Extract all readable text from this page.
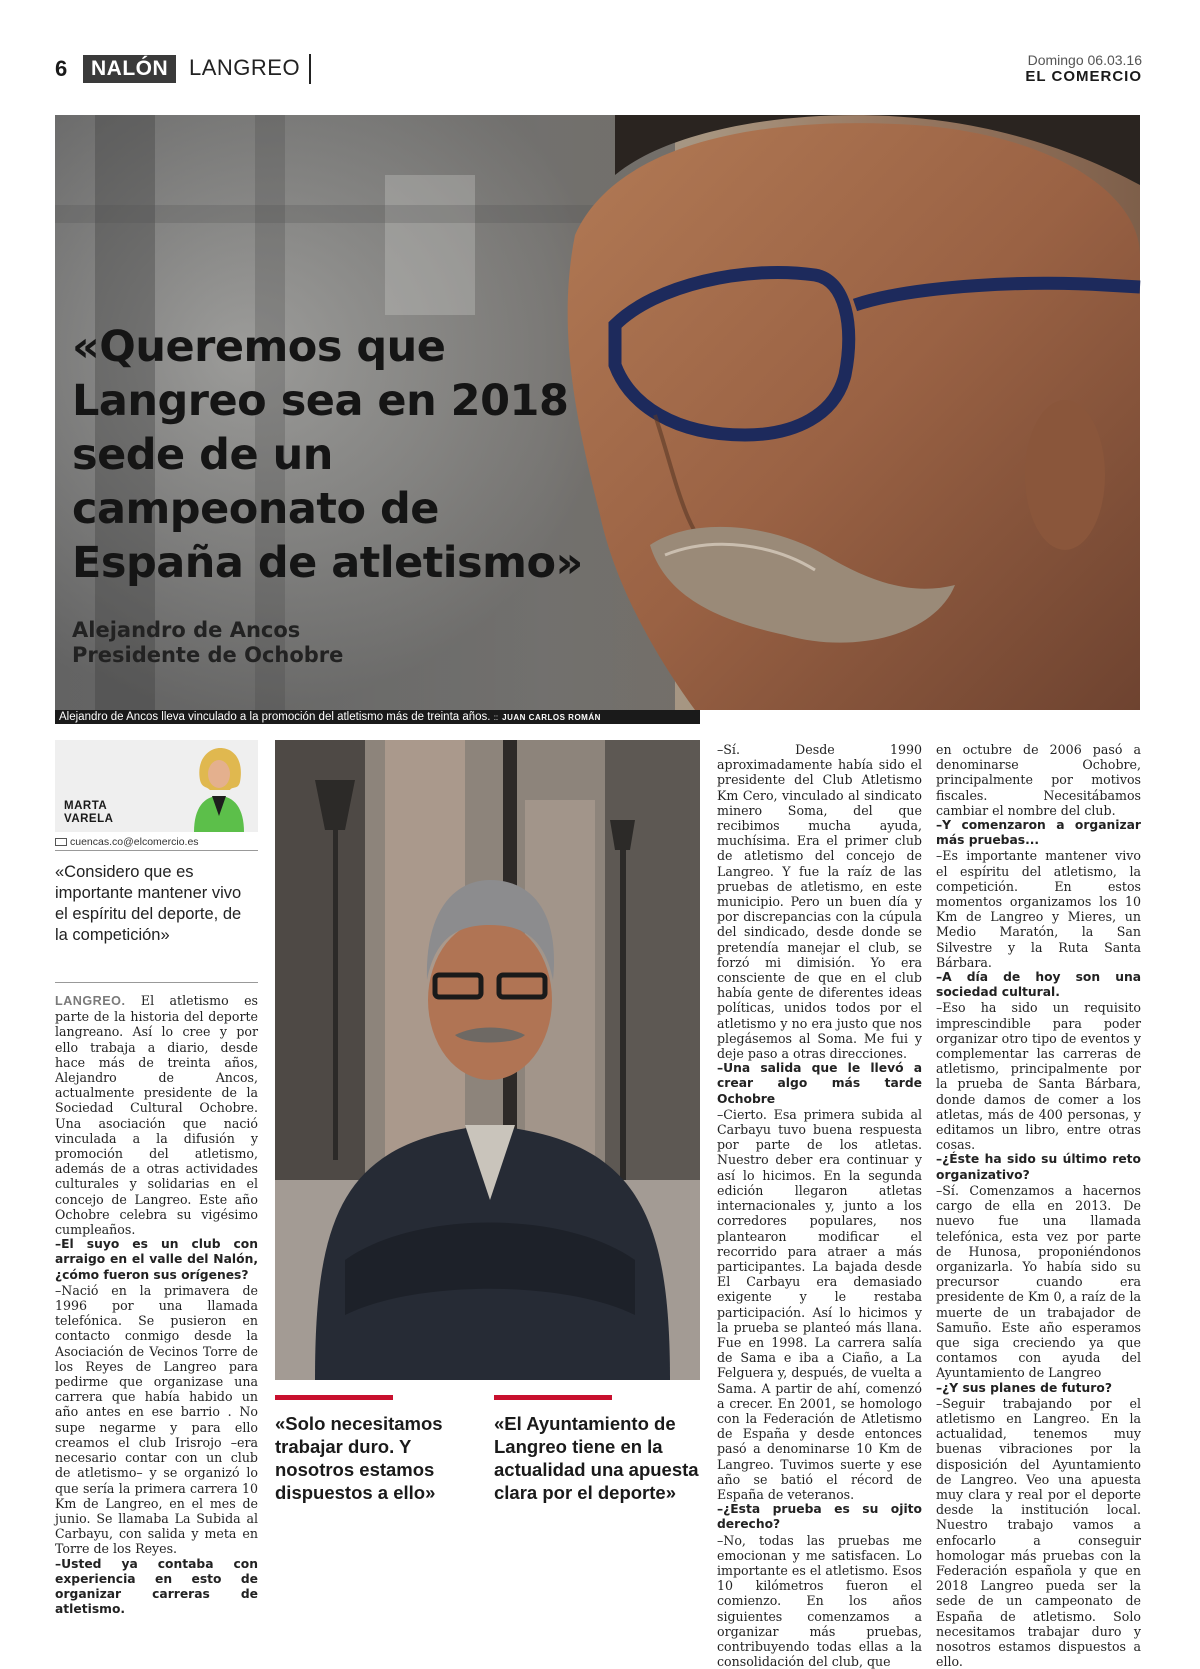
6	NALÓN LANGREO	Domingo 06.03.16
EL COMERCIO
«Queremos que Langreo sea en 2018 sede de un campeonato de España de atletismo»
Alejandro de Ancos
Presidente de Ochobre
Alejandro de Ancos lleva vinculado a la promoción del atletismo más de treinta años. :: JUAN CARLOS ROMÁN
MARTA
VARELA
cuencas.co@elcomercio.es
«Considero que es importante mantener vivo el espíritu del deporte, de la competición»

LANGREO. El atletismo es parte de la historia del deporte langreano. Así lo cree y por ello trabaja a diario, desde hace más de treinta años, Alejandro de Ancos, actualmente presidente de la Sociedad Cultural Ochobre. Una asociación que nació vinculada a la difusión y promoción del atletismo, además de a otras actividades culturales y solidarias en el concejo de Langreo. Este año Ochobre celebra su vigésimo cumpleaños.

–El suyo es un club con arraigo en el valle del Nalón, ¿cómo fueron sus orígenes?

–Nació en la primavera de 1996 por una llamada telefónica. Se pusieron en contacto conmigo desde la Asociación de Vecinos Torre de los Reyes de Langreo para pedirme que organizase una carrera que había habido un año antes en ese barrio . No supe negarme y para ello creamos el club Irisrojo –era necesario contar con un club de atletismo– y se organizó lo que sería la primera carrera 10 Km de Langreo, en el mes de junio. Se llamaba La Subida al Carbayu, con salida y meta en Torre de los Reyes.

–Usted ya contaba con experiencia en esto de organizar carreras de atletismo.

–Sí. Desde 1990 aproximadamente había sido el presidente del Club Atletismo Km Cero, vinculado al sindicato minero Soma, del que recibimos mucha ayuda, muchísima. Era el primer club de atletismo del concejo de Langreo. Y fue la raíz de las pruebas de atletismo, en este municipio. Pero un buen día y por discrepancias con la cúpula del sindicado, desde donde se pretendía manejar el club, se forzó mi dimisión. Yo era consciente de que en el club había gente de diferentes ideas políticas, unidos todos por el atletismo y no era justo que nos plegásemos al Soma. Me fui y deje paso a otras direcciones.

–Una salida que le llevó a crear algo más tarde Ochobre

–Cierto. Esa primera subida al Carbayu tuvo buena respuesta por parte de los atletas. Nuestro deber era continuar y así lo hicimos. En la segunda edición llegaron atletas internacionales y, junto a los corredores populares, nos plantearon modificar el recorrido para atraer a más participantes. La bajada desde El Carbayu era demasiado exigente y le restaba participación. Así lo hicimos y la prueba se planteó más llana. Fue en 1998. La carrera salía de Sama e iba a Ciaño, a La Felguera y, después, de vuelta a Sama. A partir de ahí, comenzó a crecer. En 2001, se homologo con la Federación de Atletismo de España y desde entonces pasó a denominarse 10 Km de Langreo. Tuvimos suerte y ese año se batió el récord de España de veteranos.

–¿Esta prueba es su ojito derecho?

–No, todas las pruebas me emocionan y me satisfacen. Lo importante es el atletismo. Esos 10 kilómetros fueron el comienzo. En los años siguientes comenzamos a organizar más pruebas, contribuyendo todas ellas a la consolidación del club, que

en octubre de 2006 pasó a denominarse Ochobre, principalmente por motivos fiscales. Necesitábamos cambiar el nombre del club.

–Y comenzaron a organizar más pruebas...

–Es importante mantener vivo el espíritu del atletismo, la competición. En estos momentos organizamos los 10 Km de Langreo y Mieres, un Medio Maratón, la San Silvestre y la Ruta Santa Bárbara.

–A día de hoy son una sociedad cultural.

–Eso ha sido un requisito imprescindible para poder organizar otro tipo de eventos y complementar las carreras de atletismo, principalmente por la prueba de Santa Bárbara, donde damos de comer a los atletas, más de 400 personas, y editamos un libro, entre otras cosas.

–¿Éste ha sido su último reto organizativo?

–Sí. Comenzamos a hacernos cargo de ella en 2013. De nuevo fue una llamada telefónica, esta vez por parte de Hunosa, proponiéndonos organizarla. Yo había sido su precursor cuando era presidente de Km 0, a raíz de la muerte de un trabajador de Samuño. Este año esperamos que siga creciendo ya que contamos con ayuda del Ayuntamiento de Langreo

–¿Y sus planes de futuro?

–Seguir trabajando por el atletismo en Langreo. En la actualidad, tenemos muy buenas vibraciones por la disposición del Ayuntamiento de Langreo. Veo una apuesta muy clara y real por el deporte desde la institución local. Nuestro trabajo vamos a enfocarlo a conseguir homologar más pruebas con la Federación española y que en 2018 Langreo pueda ser la sede de un campeonato de España de atletismo. Solo necesitamos trabajar duro y nosotros estamos dispuestos a ello.

«Solo necesitamos trabajar duro. Y nosotros estamos dispuestos a ello»
«El Ayuntamiento de Langreo tiene en la actualidad una apuesta clara por el deporte»
